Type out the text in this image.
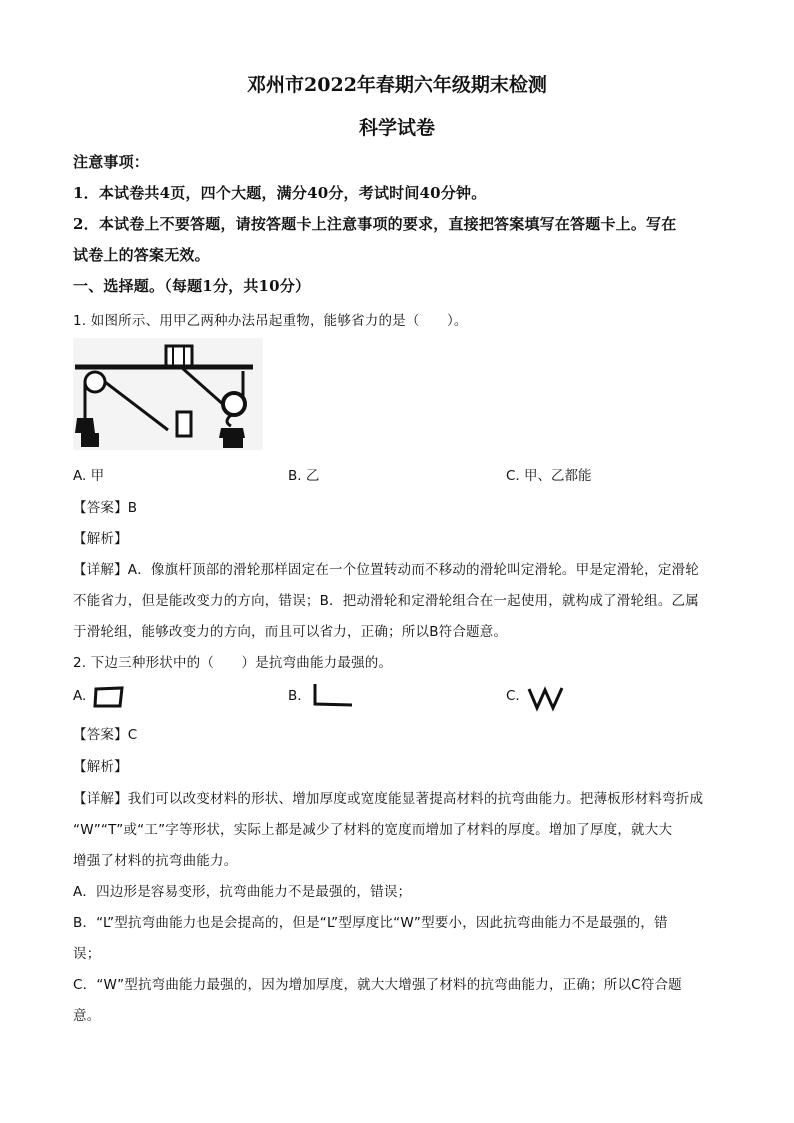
邓州市2022年春期六年级期末检测
科学试卷
注意事项：
1．本试卷共4页，四个大题，满分40分，考试时间40分钟。
2．本试卷上不要答题，请按答题卡上注意事项的要求，直接把答案填写在答题卡上。写在
试卷上的答案无效。
一、选择题。（每题1分，共10分）
1. 如图所示、用甲乙两种办法吊起重物，能够省力的是（　　）。
A. 甲	B. 乙	C. 甲、乙都能
【答案】B
【解析】
【详解】A．像旗杆顶部的滑轮那样固定在一个位置转动而不移动的滑轮叫定滑轮。甲是定滑轮，定滑轮
不能省力，但是能改变力的方向，错误；B．把动滑轮和定滑轮组合在一起使用，就构成了滑轮组。乙属
于滑轮组，能够改变力的方向，而且可以省力，正确；所以B符合题意。
2. 下边三种形状中的（　　）是抗弯曲能力最强的。
A.	B.	C.
【答案】C
【解析】
【详解】我们可以改变材料的形状、增加厚度或宽度能显著提高材料的抗弯曲能力。把薄板形材料弯折成
“W”“T”或“工”字等形状，实际上都是减少了材料的宽度而增加了材料的厚度。增加了厚度，就大大
增强了材料的抗弯曲能力。
A．四边形是容易变形，抗弯曲能力不是最强的，错误；
B．“L”型抗弯曲能力也是会提高的，但是“L”型厚度比“W”型要小，因此抗弯曲能力不是最强的，错
误；
C．“W”型抗弯曲能力最强的，因为增加厚度，就大大增强了材料的抗弯曲能力，正确；所以C符合题
意。
